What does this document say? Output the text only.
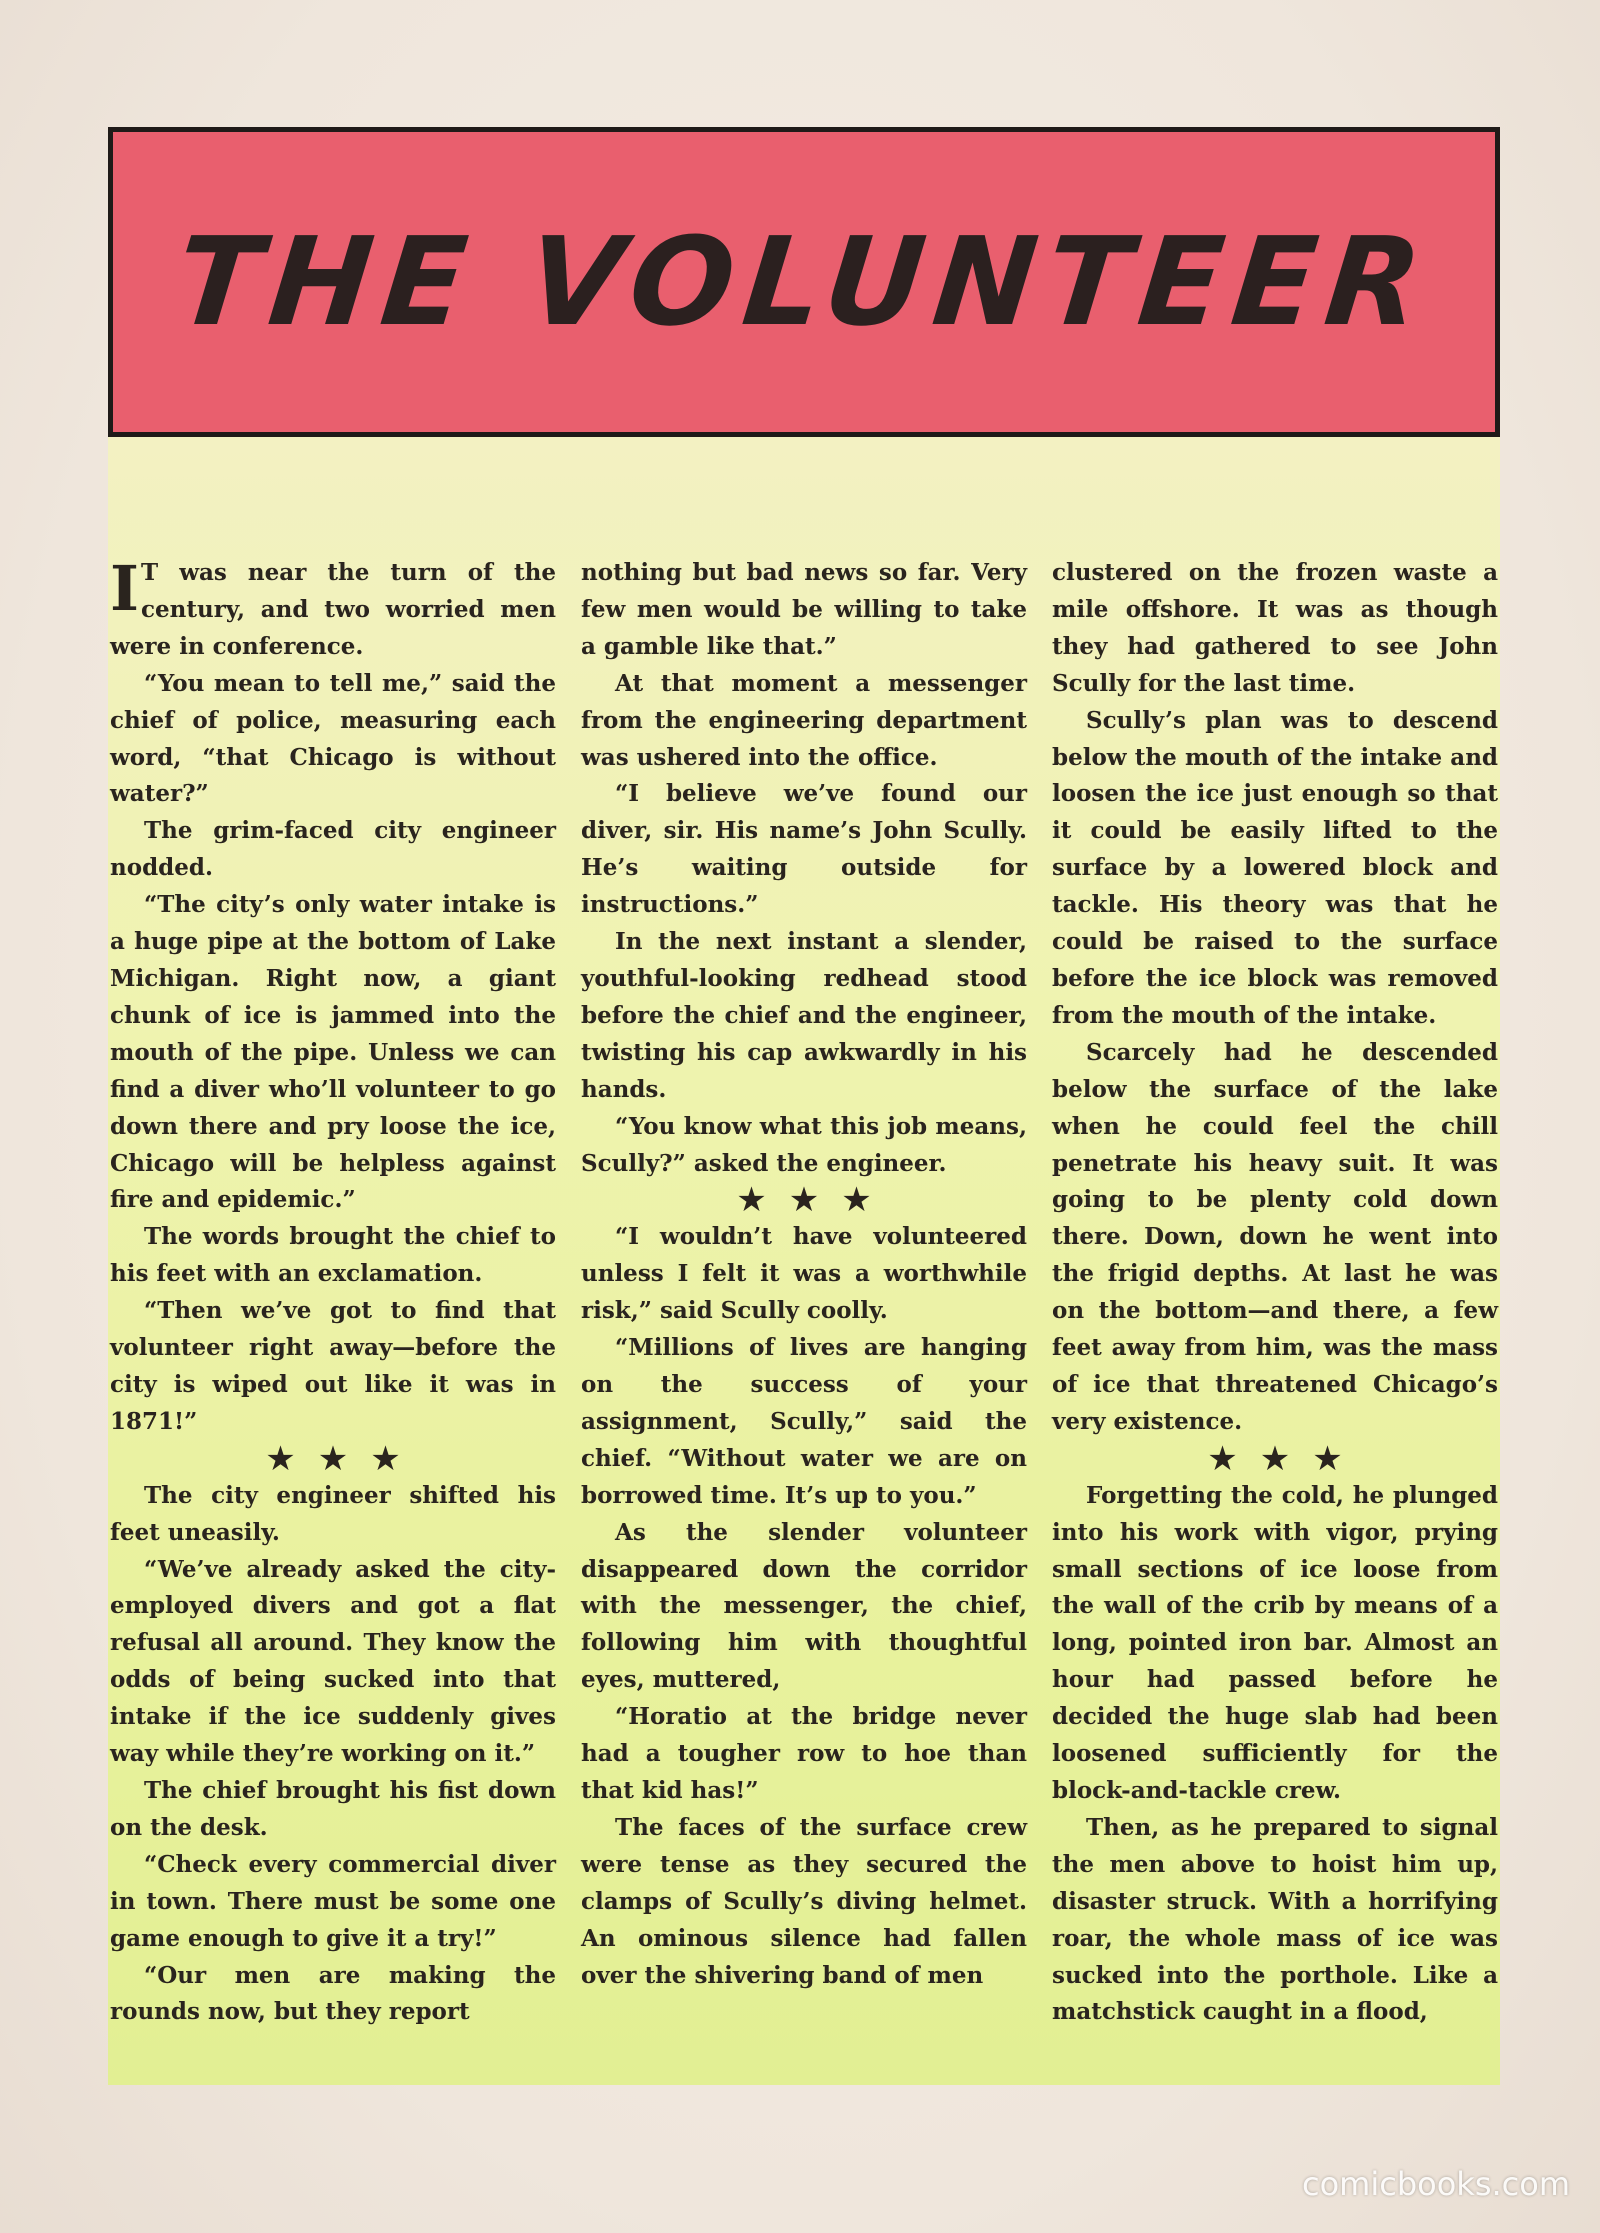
THE VOLUNTEER

I T was near the turn of the century, and two worried men were in conference.

“You mean to tell me,” said the chief of police, measuring each word, “that Chicago is without water?”

The grim-faced city engineer nodded.

“The city’s only water intake is a huge pipe at the bottom of Lake Michigan. Right now, a giant chunk of ice is jammed into the mouth of the pipe. Unless we can find a diver who’ll volunteer to go down there and pry loose the ice, Chicago will be helpless against fire and epidemic.”

The words brought the chief to his feet with an exclamation.

“Then we’ve got to find that volunteer right away—before the city is wiped out like it was in 1871!”

★★★

The city engineer shifted his feet uneasily.

“We’ve already asked the city-employed divers and got a flat refusal all around. They know the odds of being sucked into that intake if the ice suddenly gives way while they’re working on it.”

The chief brought his fist down on the desk.

“Check every commercial diver in town. There must be some one game enough to give it a try!”

“Our men are making the rounds now, but they report

nothing but bad news so far. Very few men would be willing to take a gamble like that.”

At that moment a messenger from the engineering department was ushered into the office.

“I believe we’ve found our diver, sir. His name’s John Scully. He’s waiting outside for instructions.”

In the next instant a slender, youthful-looking redhead stood before the chief and the engineer, twisting his cap awkwardly in his hands.

“You know what this job means, Scully?” asked the engineer.

★★★

“I wouldn’t have volunteered unless I felt it was a worthwhile risk,” said Scully coolly.

“Millions of lives are hanging on the success of your assignment, Scully,” said the chief. “Without water we are on borrowed time. It’s up to you.”

As the slender volunteer disappeared down the corridor with the messenger, the chief, following him with thoughtful eyes, muttered,

“Horatio at the bridge never had a tougher row to hoe than that kid has!”

The faces of the surface crew were tense as they secured the clamps of Scully’s diving helmet. An ominous silence had fallen over the shivering band of men

clustered on the frozen waste a mile offshore. It was as though they had gathered to see John Scully for the last time.

Scully’s plan was to descend below the mouth of the intake and loosen the ice just enough so that it could be easily lifted to the surface by a lowered block and tackle. His theory was that he could be raised to the surface before the ice block was removed from the mouth of the intake.

Scarcely had he descended below the surface of the lake when he could feel the chill penetrate his heavy suit. It was going to be plenty cold down there. Down, down he went into the frigid depths. At last he was on the bottom—and there, a few feet away from him, was the mass of ice that threatened Chicago’s very existence.

★★★

Forgetting the cold, he plunged into his work with vigor, prying small sections of ice loose from the wall of the crib by means of a long, pointed iron bar. Almost an hour had passed before he decided the huge slab had been loosened sufficiently for the block-and-tackle crew.

Then, as he prepared to signal the men above to hoist him up, disaster struck. With a horrifying roar, the whole mass of ice was sucked into the porthole. Like a matchstick caught in a flood,

comicbooks.com
